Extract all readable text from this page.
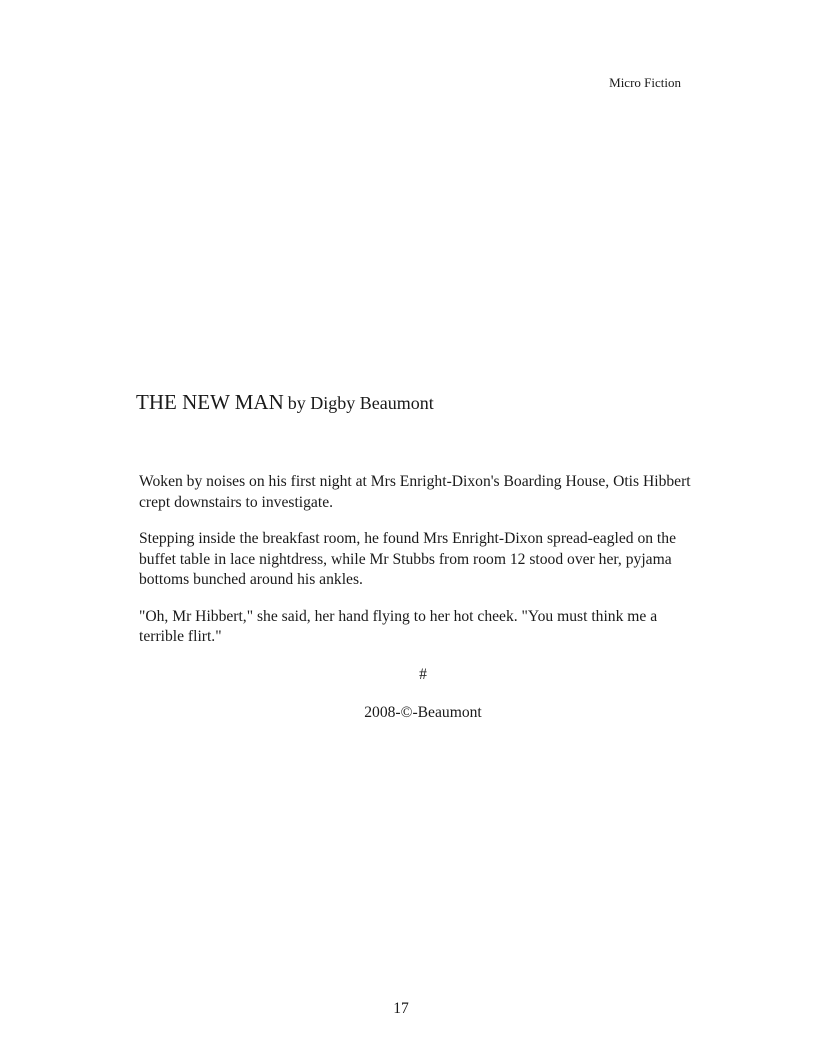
Micro Fiction
THE NEW MAN by Digby Beaumont

Woken by noises on his first night at Mrs Enright-Dixon's Boarding House, Otis Hibbert crept downstairs to investigate.

Stepping inside the breakfast room, he found Mrs Enright-Dixon spread-eagled on the buffet table in lace nightdress, while Mr Stubbs from room 12 stood over her, pyjama bottoms bunched around his ankles.

"Oh, Mr Hibbert," she said, her hand flying to her hot cheek. "You must think me a terrible flirt."

#
2008-©-Beaumont
17
